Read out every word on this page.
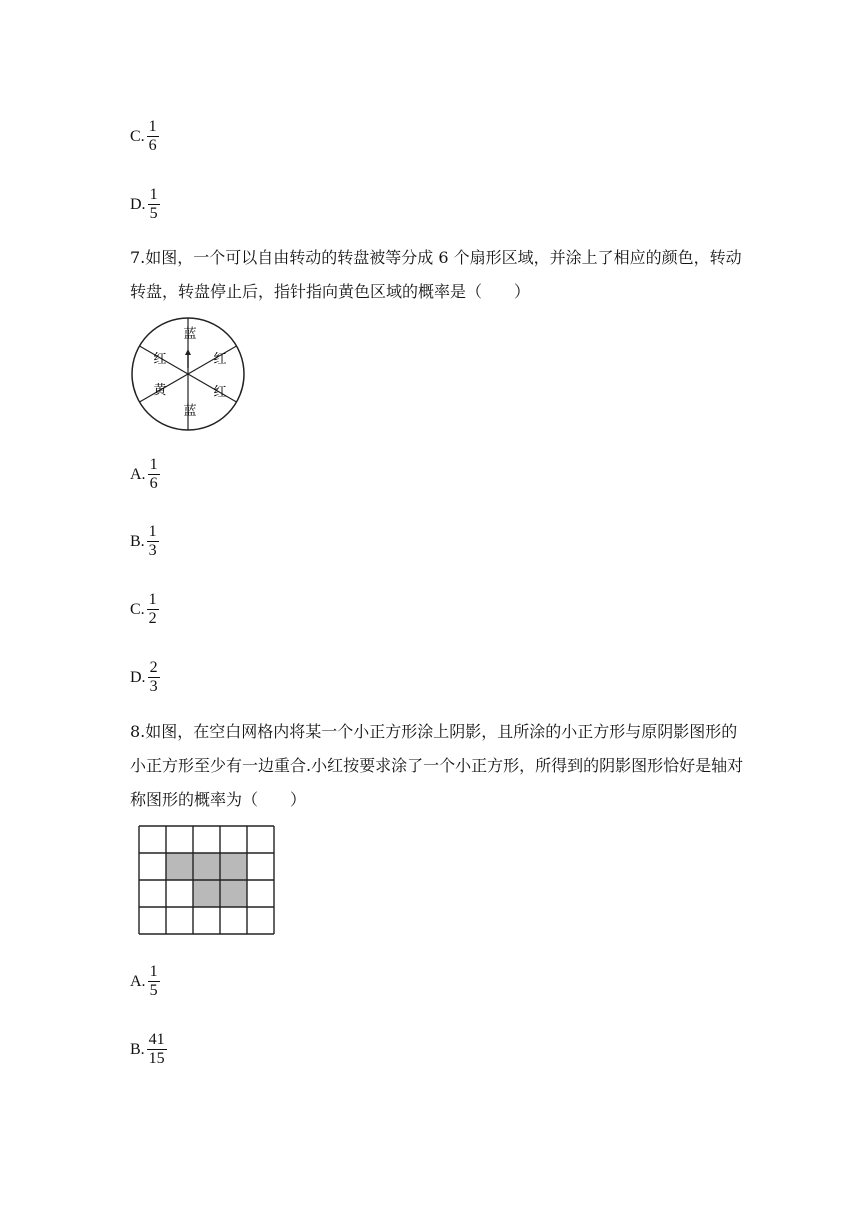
C. $\frac{1}{6}$
D. $\frac{1}{5}$
7.如图，一个可以自由转动的转盘被等分成 6 个扇形区域，并涂上了相应的颜色，转动转盘，转盘停止后，指针指向黄色区域的概率是（　　）
蓝
红
红
蓝
黄
红
A. $\frac{1}{6}$
B. $\frac{1}{3}$
C. $\frac{1}{2}$
D. $\frac{2}{3}$
8.如图，在空白网格内将某一个小正方形涂上阴影，且所涂的小正方形与原阴影图形的小正方形至少有一边重合.小红按要求涂了一个小正方形，所得到的阴影图形恰好是轴对称图形的概率为（　　）
A. $\frac{1}{5}$
B. $\frac{41}{15}$
